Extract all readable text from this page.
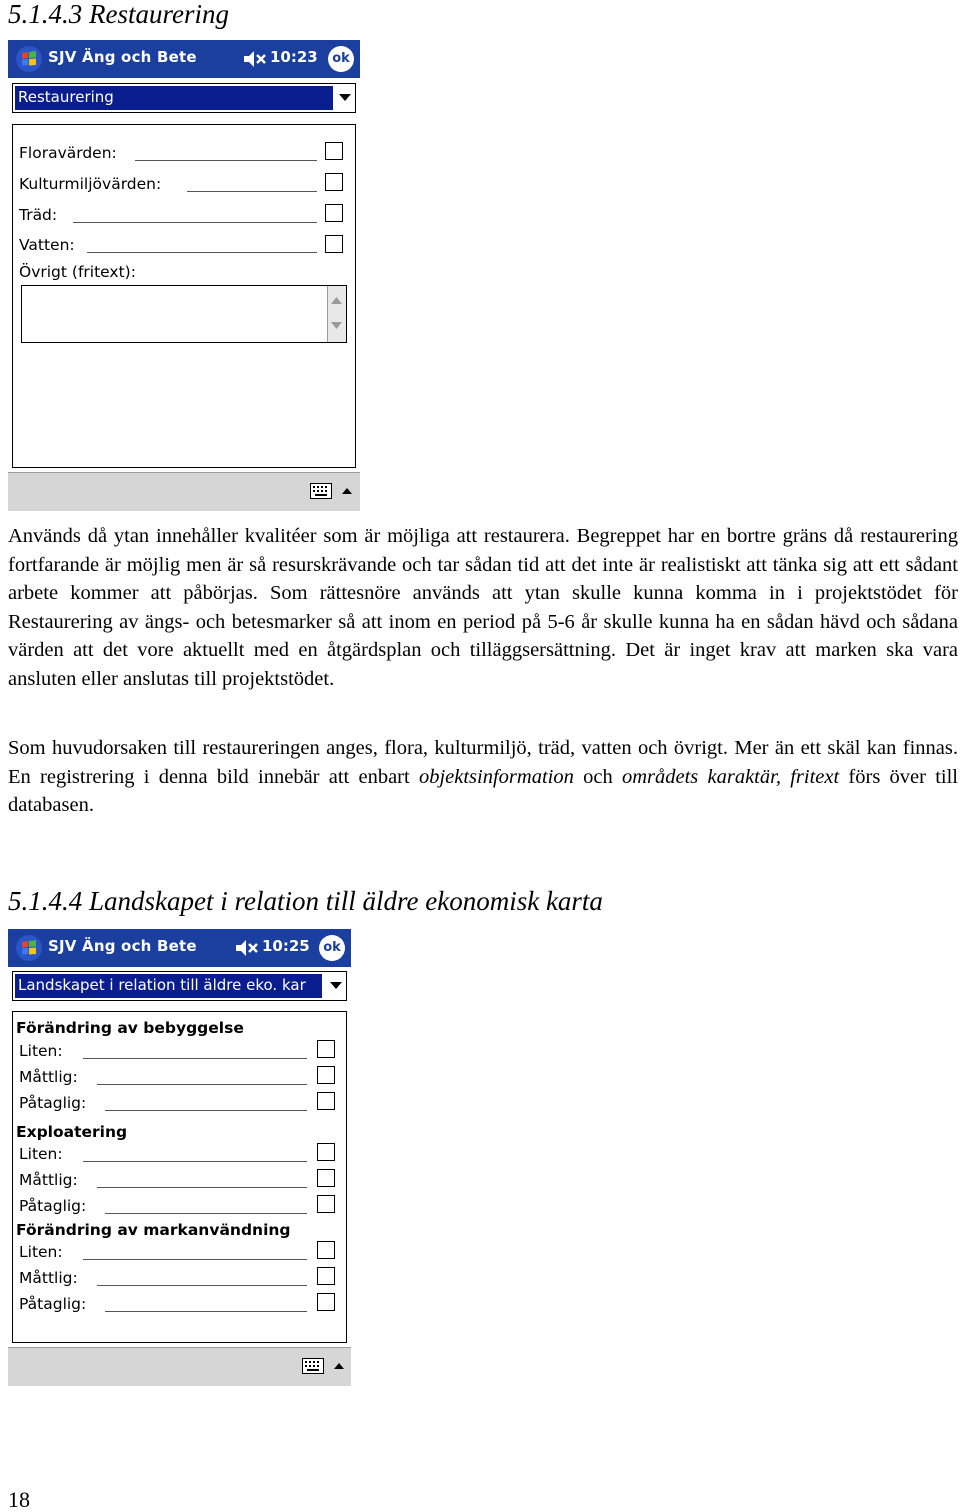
5.1.4.3 Restaurering
SJV Äng och Bete	10:23	ok
Restaurering
Floravärden:
Kulturmiljövärden:
Träd:
Vatten:
Övrigt (fritext):
Används då ytan innehåller kvalitéer som är möjliga att restaurera. Begreppet har en bortre gräns då restaurering fortfarande är möjlig men är så resurskrävande och tar sådan tid att det inte är realistiskt att tänka sig att ett sådant arbete kommer att påbörjas. Som rättesnöre används att ytan skulle kunna komma in i projektstödet för Restaurering av ängs- och betesmarker så att inom en period på 5-6 år skulle kunna ha en sådan hävd och sådana värden att det vore aktuellt med en åtgärdsplan och tilläggsersättning. Det är inget krav att marken ska vara ansluten eller anslutas till projektstödet.
Som huvudorsaken till restaureringen anges, flora, kulturmiljö, träd, vatten och övrigt. Mer än ett skäl kan finnas. En registrering i denna bild innebär att enbart objektsinformation och områdets karaktär, fritext förs över till databasen.
5.1.4.4 Landskapet i relation till äldre ekonomisk karta
SJV Äng och Bete	10:25	ok
Landskapet i relation till äldre eko. kar
Förändring av bebyggelse
Liten:
Måttlig:
Påtaglig:
Exploatering
Liten:
Måttlig:
Påtaglig:
Förändring av markanvändning
Liten:
Måttlig:
Påtaglig:
18
